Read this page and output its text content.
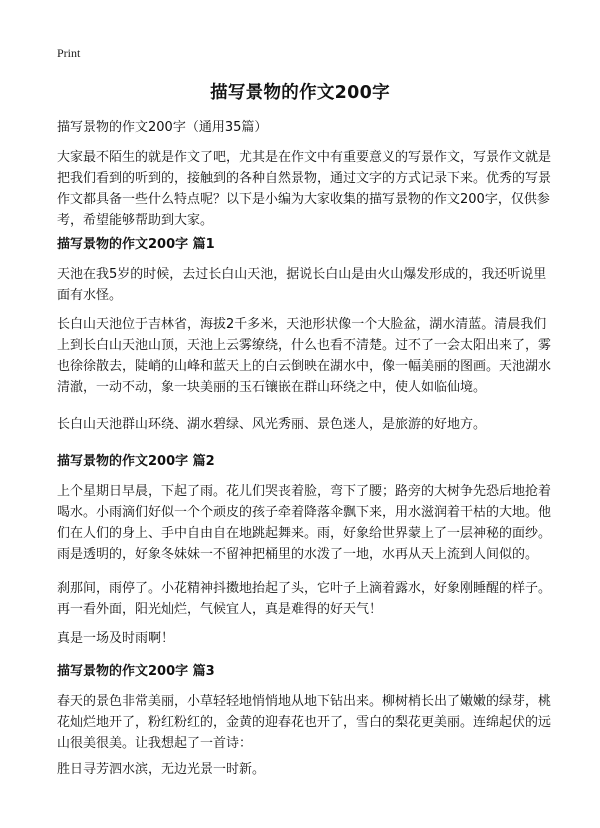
Print
描写景物的作文200字

描写景物的作文200字（通用35篇）

大家最不陌生的就是作文了吧，尤其是在作文中有重要意义的写景作文，写景作文就是把我们看到的听到的，接触到的各种自然景物，通过文字的方式记录下来。优秀的写景作文都具备一些什么特点呢？以下是小编为大家收集的描写景物的作文200字，仅供参考，希望能够帮助到大家。

描写景物的作文200字 篇1

天池在我5岁的时候，去过长白山天池，据说长白山是由火山爆发形成的，我还听说里面有水怪。

长白山天池位于吉林省，海拔2千多米，天池形状像一个大脸盆，湖水清蓝。清晨我们上到长白山天池山顶，天池上云雾缭绕，什么也看不清楚。过不了一会太阳出来了，雾也徐徐散去，陡峭的山峰和蓝天上的白云倒映在湖水中，像一幅美丽的图画。天池湖水清澈，一动不动，象一块美丽的玉石镶嵌在群山环绕之中，使人如临仙境。

长白山天池群山环绕、湖水碧绿、风光秀丽、景色迷人，是旅游的好地方。

描写景物的作文200字 篇2

上个星期日早晨，下起了雨。花儿们哭丧着脸，弯下了腰；路旁的大树争先恐后地抢着喝水。小雨滴们好似一个个顽皮的孩子牵着降落伞飘下来，用水滋润着干枯的大地。他们在人们的身上、手中自由自在地跳起舞来。雨，好象给世界蒙上了一层神秘的面纱。雨是透明的，好象冬妹妹一不留神把桶里的水泼了一地，水再从天上流到人间似的。

刹那间，雨停了。小花精神抖擞地抬起了头，它叶子上滴着露水，好象刚睡醒的样子。再一看外面，阳光灿烂，气候宜人，真是难得的好天气！

真是一场及时雨啊！

描写景物的作文200字 篇3

春天的景色非常美丽，小草轻轻地悄悄地从地下钻出来。柳树梢长出了嫩嫩的绿芽，桃花灿烂地开了，粉红粉红的，金黄的迎春花也开了，雪白的梨花更美丽。连绵起伏的远山很美很美。让我想起了一首诗：

胜日寻芳泗水滨，无边光景一时新。
